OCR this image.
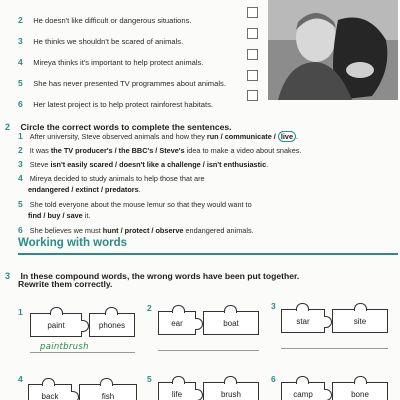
2 He doesn't like difficult or dangerous situations.
3 He thinks we shouldn't be scared of animals.
4 Mireya thinks it's important to help protect animals.
5 She has never presented TV programmes about animals.
6 Her latest project is to help protect rainforest habitats.
2 Circle the correct words to complete the sentences.
1 After university, Steve observed animals and how they run / communicate / live .
2 It was the TV producer's / the BBC's / Steve's idea to make a video about snakes.
3 Steve isn't easily scared / doesn't like a challenge / isn't enthusiastic.
4 Mireya decided to study animals to help those that are
endangered / extinct / predators.
5 She told everyone about the mouse lemur so that they would want to
find / buy / save it.
6 She believes we must hunt / protect / observe endangered animals.
Working with words
3 In these compound words, the wrong words have been put together.
Rewrite them correctly.
1
paint	phones
paintbrush
2
ear	boat
3
star	site
4
back	fish
5
life	brush
6
camp	bone
